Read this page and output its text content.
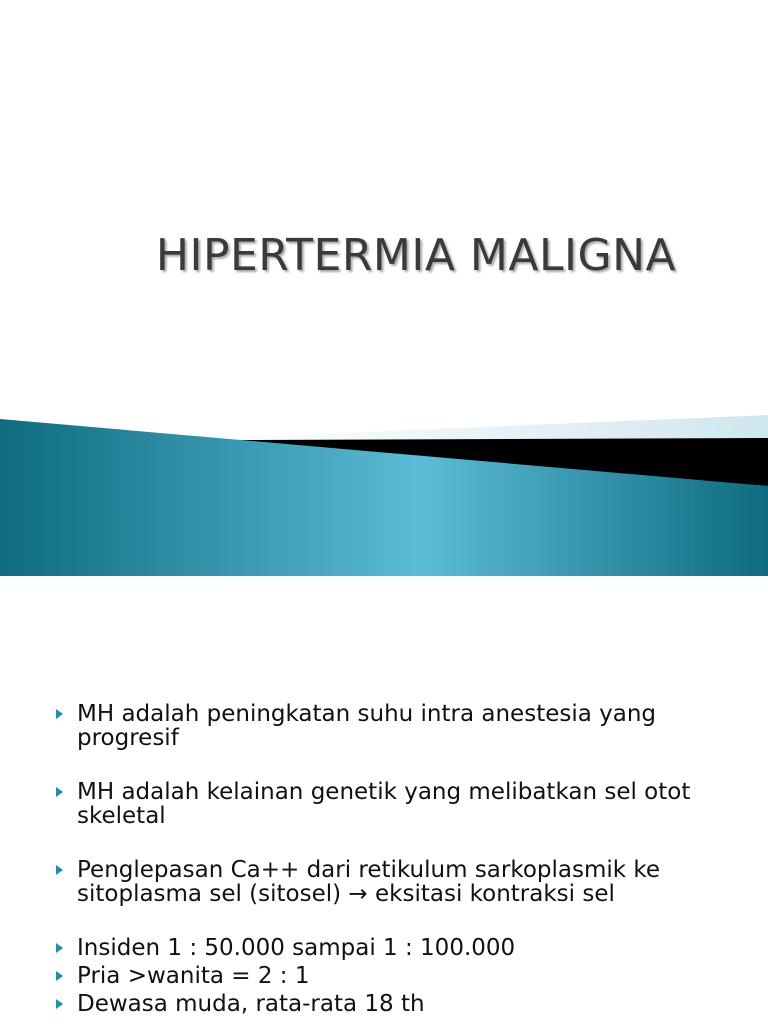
HIPERTERMIA MALIGNA
MH adalah peningkatan suhu intra anestesia yang progresif
MH adalah kelainan genetik yang melibatkan sel otot skeletal
Penglepasan Ca++ dari retikulum sarkoplasmik ke sitoplasma sel (sitosel) → eksitasi kontraksi sel
Insiden 1 : 50.000 sampai 1 : 100.000
Pria >wanita = 2 : 1
Dewasa muda, rata-rata 18 th
